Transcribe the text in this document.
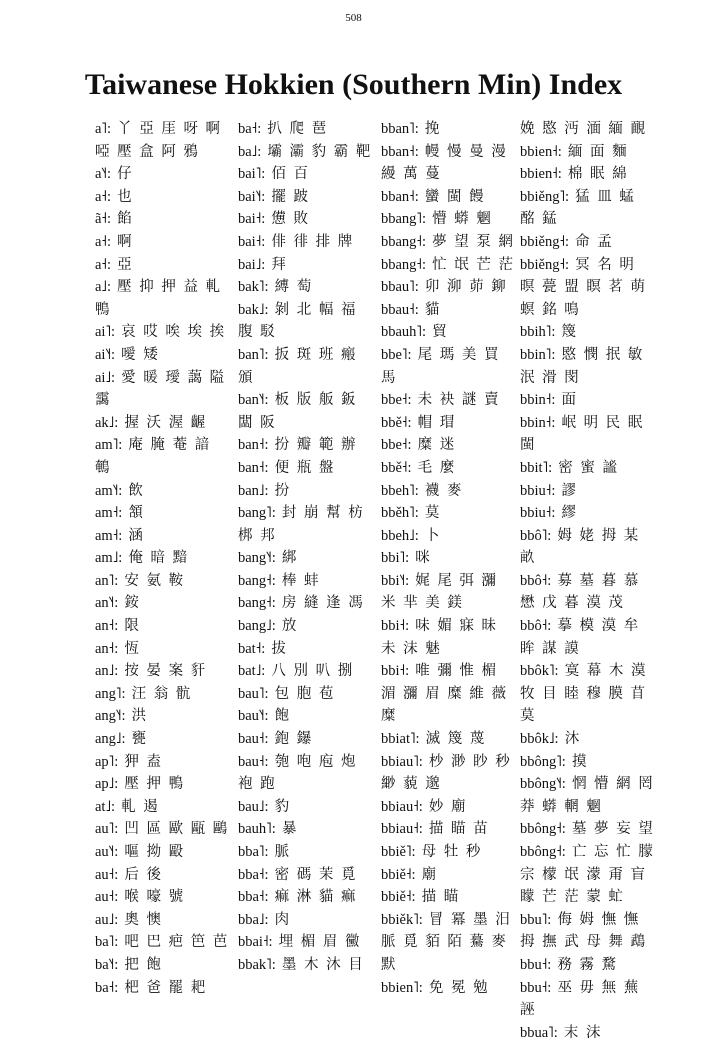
508
Taiwanese Hokkien (Southern Min) Index
a˥: 丫 亞 厓 呀 啊 啞 壓 盒 阿 鴉
a˥˧: 仔
a˧: 也
ã˧: 餡
a˧: 啊
a˧: 亞
a˩: 壓 抑 押 益 軋 鴨
ai˥: 哀 哎 唉 埃 挨
ai˥˧: 噯 矮
ai˩: 愛 暖 璦 藹 隘 靄
ak˩: 握 沃 渥 齷
am˥: 庵 腌 菴 諳 鵪
am˥˧: 飲
am˧: 頷
am˧: 涵
am˩: 俺 暗 黯
an˥: 安 氨 鞍
an˥˧: 銨
an˧: 限
an˧: 恆
an˩: 按 晏 案 豻
ang˥: 汪 翁 骯
ang˥˧: 洪
ang˩: 甕
ap˥: 狎 盍
ap˩: 壓 押 鴨
at˩: 軋 遏
au˥: 凹 區 歐 甌 鷗
au˥˧: 嘔 拗 毆
au˧: 后 後
au˧: 喉 嚎 號
au˩: 奧 懊
ba˥: 吧 巴 疤 笆 芭
ba˥˧: 把 飽
ba˧: 杷 爸 罷 耙
ba˧: 扒 爬 琶
ba˩: 壩 灞 豹 霸 靶
bai˥: 佰 百
bai˥˧: 擺 跛
bai˧: 憊 敗
bai˧: 俳 徘 排 牌
bai˩: 拜
bak˥: 縛 萄
bak˩: 剝 北 幅 福 腹 駁
ban˥: 扳 斑 班 瘢 頒
ban˥˧: 板 版 舨 鈑 闆 阪
ban˧: 扮 瓣 範 辦
ban˧: 便 瓶 盤
ban˩: 扮
bang˥: 封 崩 幫 枋 梆 邦
bang˥˧: 綁
bang˧: 棒 蚌
bang˧: 房 縫 逢 馮
bang˩: 放
bat˧: 拔
bat˩: 八 別 叭 捌
bau˥: 包 胞 苞
bau˥˧: 飽
bau˧: 鉋 鑤
bau˧: 匏 咆 庖 炮 袍 跑
bau˩: 豹
bauh˥: 暴
bba˥: 脈
bba˧: 密 碼 茉 覓
bba˧: 痲 淋 貓 痲
bba˩: 肉
bbai˧: 埋 楣 眉 黴
bbak˥: 墨 木 沐 目
bban˥: 挽
bban˧: 幔 慢 曼 漫 縵 萬 蔓
bban˧: 蠻 閩 饅
bbang˥: 懵 蟒 魍
bbang˧: 夢 望 泵 網
bbang˧: 忙 氓 芒 茫
bbau˥: 卯 泖 茆 鉚
bbau˧: 貓
bbauh˥: 貿
bbe˥: 尾 瑪 美 買 馬
bbe˧: 未 袂 謎 賣
bbě˧: 帽 瑁
bbe˧: 糜 迷
bbě˧: 毛 麼
bbeh˥: 襪 麥
bběh˥: 莫
bbeh˩: 卜
bbi˥: 咪
bbi˥˧: 娓 尾 弭 瀰 米 芈 美 鎂
bbi˧: 味 媚 寐 昧 未 沫 魅
bbi˧: 唯 彌 惟 楣 湄 瀰 眉 糜 維 薇 糜
bbiat˥: 滅 篾 蔑
bbiau˥: 杪 渺 眇 秒 緲 藐 邈
bbiau˧: 妙 廟
bbiau˧: 描 瞄 苗
bbiě˥: 母 牡 秒
bbiě˧: 廟
bbiě˧: 描 瞄
bbiěk˥: 冒 冪 墨 汨 脈 覓 貊 陌 驀 麥 默
bbien˥: 免 冕 勉
娩 愍 沔 湎 緬 靦
bbien˧: 緬 面 麵
bbien˧: 棉 眠 綿
bbiěng˥: 猛 皿 蜢 酩 錳
bbiěng˧: 命 孟
bbiěng˧: 冥 名 明 暝 甍 盟 瞑 茗 萌 螟 銘 鳴
bbih˥: 篾
bbin˥: 愍 憫 抿 敏 泯 滑 閔
bbin˧: 面
bbin˧: 岷 明 民 眠 閩
bbit˥: 密 蜜 謐
bbiu˧: 謬
bbiu˧: 繆
bbô˥: 姆 姥 拇 某 畝
bbô˧: 募 墓 暮 慕 懋 戊 暮 漠 茂
bbô˧: 摹 模 漠 牟 眸 謀 謨
bbôk˥: 寞 幕 木 漠 牧 目 睦 穆 膜 苜 莫
bbôk˩: 沐
bbông˥: 摸
bbông˥˧: 惘 懵 網 罔 莽 蟒 輞 魍
bbông˧: 墓 夢 妄 望
bbông˧: 亡 忘 忙 朦 宗 檬 氓 濛 甭 盲 矇 芒 茫 蒙 虻
bbu˥: 侮 姆 憮 憮 拇 撫 武 母 舞 鵡
bbu˧: 務 霧 騖
bbu˧: 巫 毋 無 蕪 誣
bbua˥: 末 沫
